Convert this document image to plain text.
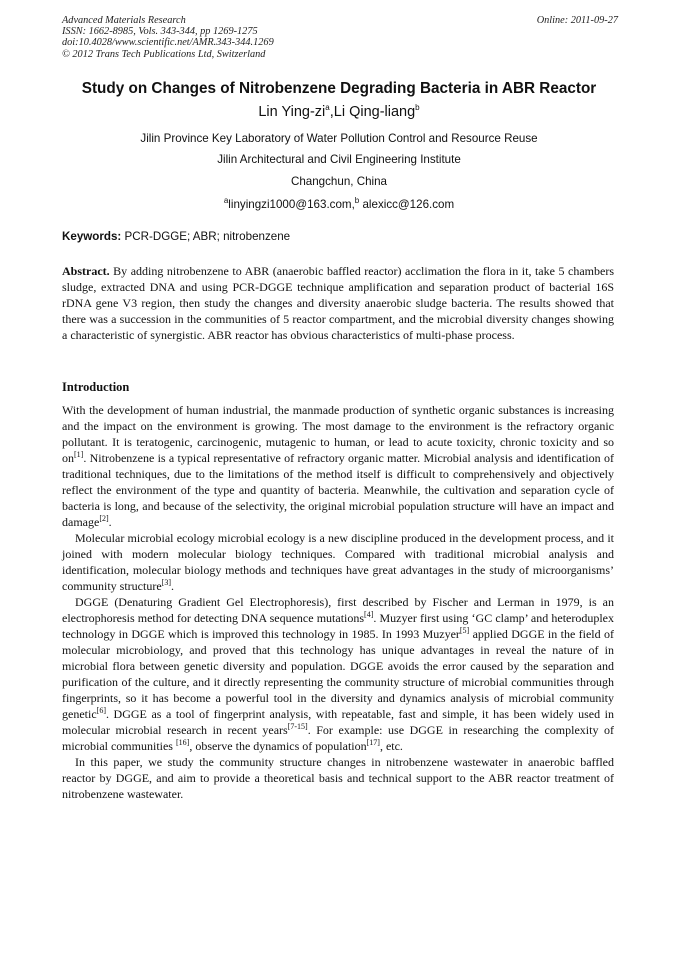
Advanced Materials Research
ISSN: 1662-8985, Vols. 343-344, pp 1269-1275
doi:10.4028/www.scientific.net/AMR.343-344.1269
© 2012 Trans Tech Publications Ltd, Switzerland
Online: 2011-09-27
Study on Changes of Nitrobenzene Degrading Bacteria in ABR Reactor
Lin Ying-$zi^a,Li$ Qing-liang$^b$
Jilin Province Key Laboratory of Water Pollution Control and Resource Reuse
Jilin Architectural and Civil Engineering Institute
Changchun, China
$^a$linyingzi1000@163.com,$^b$ alexicc@126.com
Keywords: PCR-DGGE; ABR; nitrobenzene

Abstract. By adding nitrobenzene to ABR (anaerobic baffled reactor) acclimation the flora in it, take 5 chambers sludge, extracted DNA and using PCR-DGGE technique amplification and separation product of bacterial 16S rDNA gene V3 region, then study the changes and diversity anaerobic sludge bacteria. The results showed that there was a succession in the communities of 5 reactor compartment, and the microbial diversity changes showing a characteristic of synergistic. ABR reactor has obvious characteristics of multi-phase process.

Introduction

With the development of human industrial, the manmade production of synthetic organic substances is increasing and the impact on the environment is growing. The most damage to the environment is the refractory organic pollutant. It is teratogenic, carcinogenic, mutagenic to human, or lead to acute toxicity, chronic toxicity and so on[1]. Nitrobenzene is a typical representative of refractory organic matter. Microbial analysis and identification of traditional techniques, due to the limitations of the method itself is difficult to comprehensively and objectively reflect the environment of the type and quantity of bacteria. Meanwhile, the cultivation and separation cycle of bacteria is long, and because of the selectivity, the original microbial population structure will have an impact and damage[2].

Molecular microbial ecology microbial ecology is a new discipline produced in the development process, and it joined with modern molecular biology techniques. Compared with traditional microbial analysis and identification, molecular biology methods and techniques have great advantages in the study of microorganisms’ community structure[3].

DGGE (Denaturing Gradient Gel Electrophoresis), first described by Fischer and Lerman in 1979, is an electrophoresis method for detecting DNA sequence mutations[4]. Muzyer first using ‘GC clamp’ and heteroduplex technology in DGGE which is improved this technology in 1985. In 1993 Muzyer[5] applied DGGE in the field of molecular microbiology, and proved that this technology has unique advantages in reveal the nature of in microbial flora between genetic diversity and population. DGGE avoids the error caused by the separation and purification of the culture, and it directly representing the community structure of microbial communities through fingerprints, so it has become a powerful tool in the diversity and dynamics analysis of microbial community genetic[6]. DGGE as a tool of fingerprint analysis, with repeatable, fast and simple, it has been widely used in molecular microbial research in recent years[7-15]. For example: use DGGE in researching the complexity of microbial communities [16], observe the dynamics of population[17], etc.

In this paper, we study the community structure changes in nitrobenzene wastewater in anaerobic baffled reactor by DGGE, and aim to provide a theoretical basis and technical support to the ABR reactor treatment of nitrobenzene wastewater.
